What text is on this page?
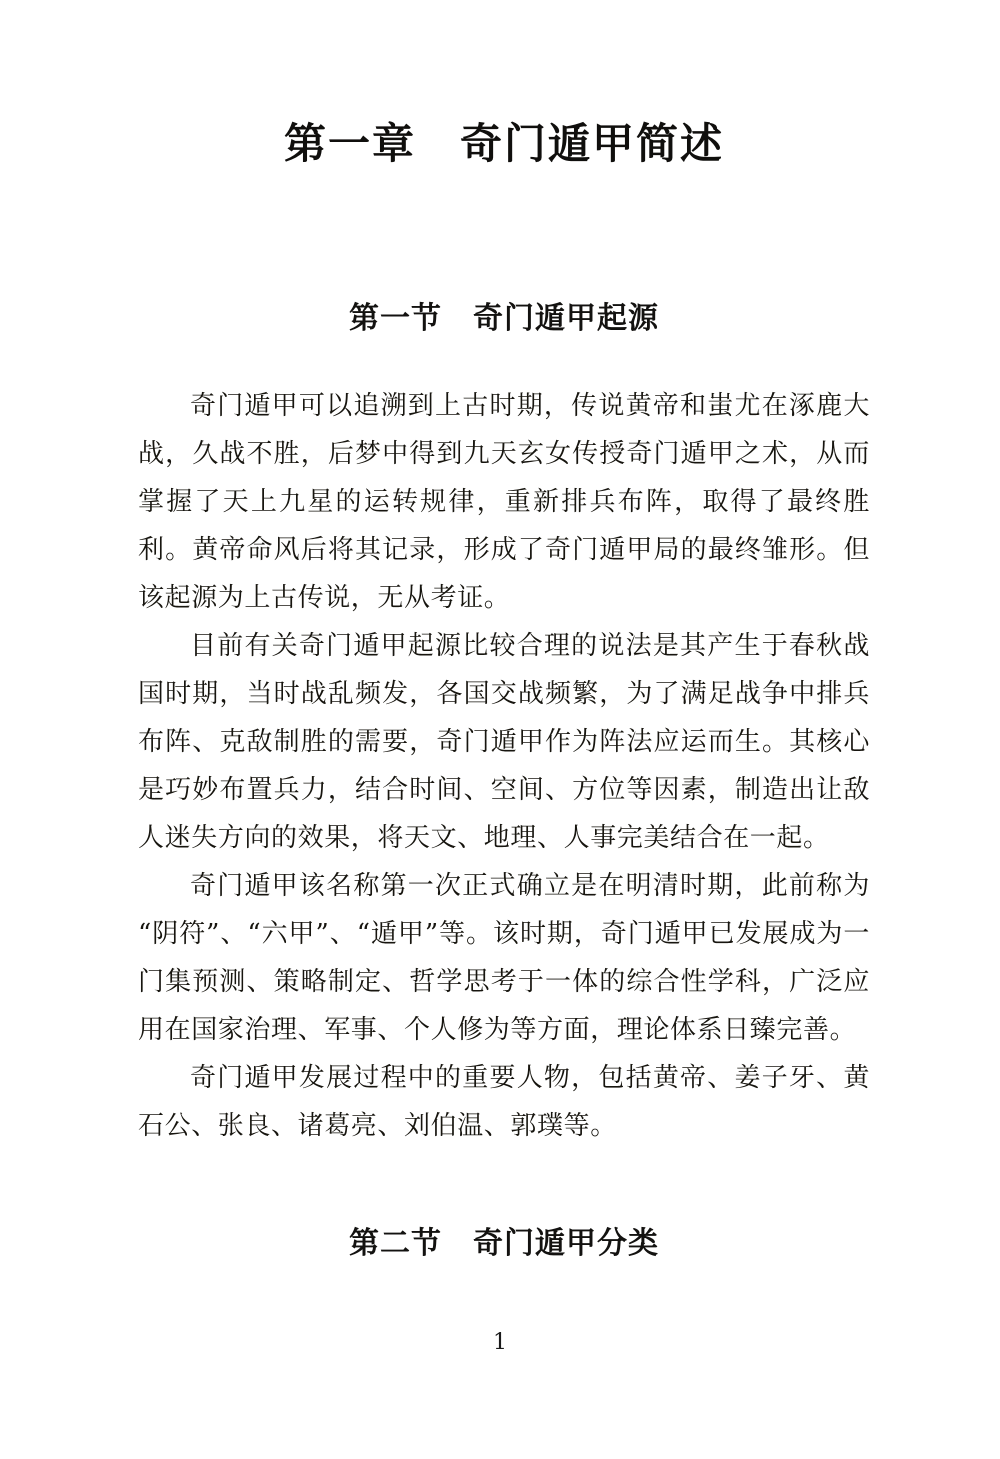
第一章　奇门遁甲简述
第一节　奇门遁甲起源

奇门遁甲可以追溯到上古时期，传说黄帝和蚩尤在涿鹿大战，久战不胜，后梦中得到九天玄女传授奇门遁甲之术，从而掌握了天上九星的运转规律，重新排兵布阵，取得了最终胜利。黄帝命风后将其记录，形成了奇门遁甲局的最终雏形。但该起源为上古传说，无从考证。

目前有关奇门遁甲起源比较合理的说法是其产生于春秋战国时期，当时战乱频发，各国交战频繁，为了满足战争中排兵布阵、克敌制胜的需要，奇门遁甲作为阵法应运而生。其核心是巧妙布置兵力，结合时间、空间、方位等因素，制造出让敌人迷失方向的效果，将天文、地理、人事完美结合在一起。

奇门遁甲该名称第一次正式确立是在明清时期，此前称为“阴符”、“六甲”、“遁甲”等。该时期，奇门遁甲已发展成为一门集预测、策略制定、哲学思考于一体的综合性学科，广泛应用在国家治理、军事、个人修为等方面，理论体系日臻完善。

奇门遁甲发展过程中的重要人物，包括黄帝、姜子牙、黄石公、张良、诸葛亮、刘伯温、郭璞等。

第二节　奇门遁甲分类
1
